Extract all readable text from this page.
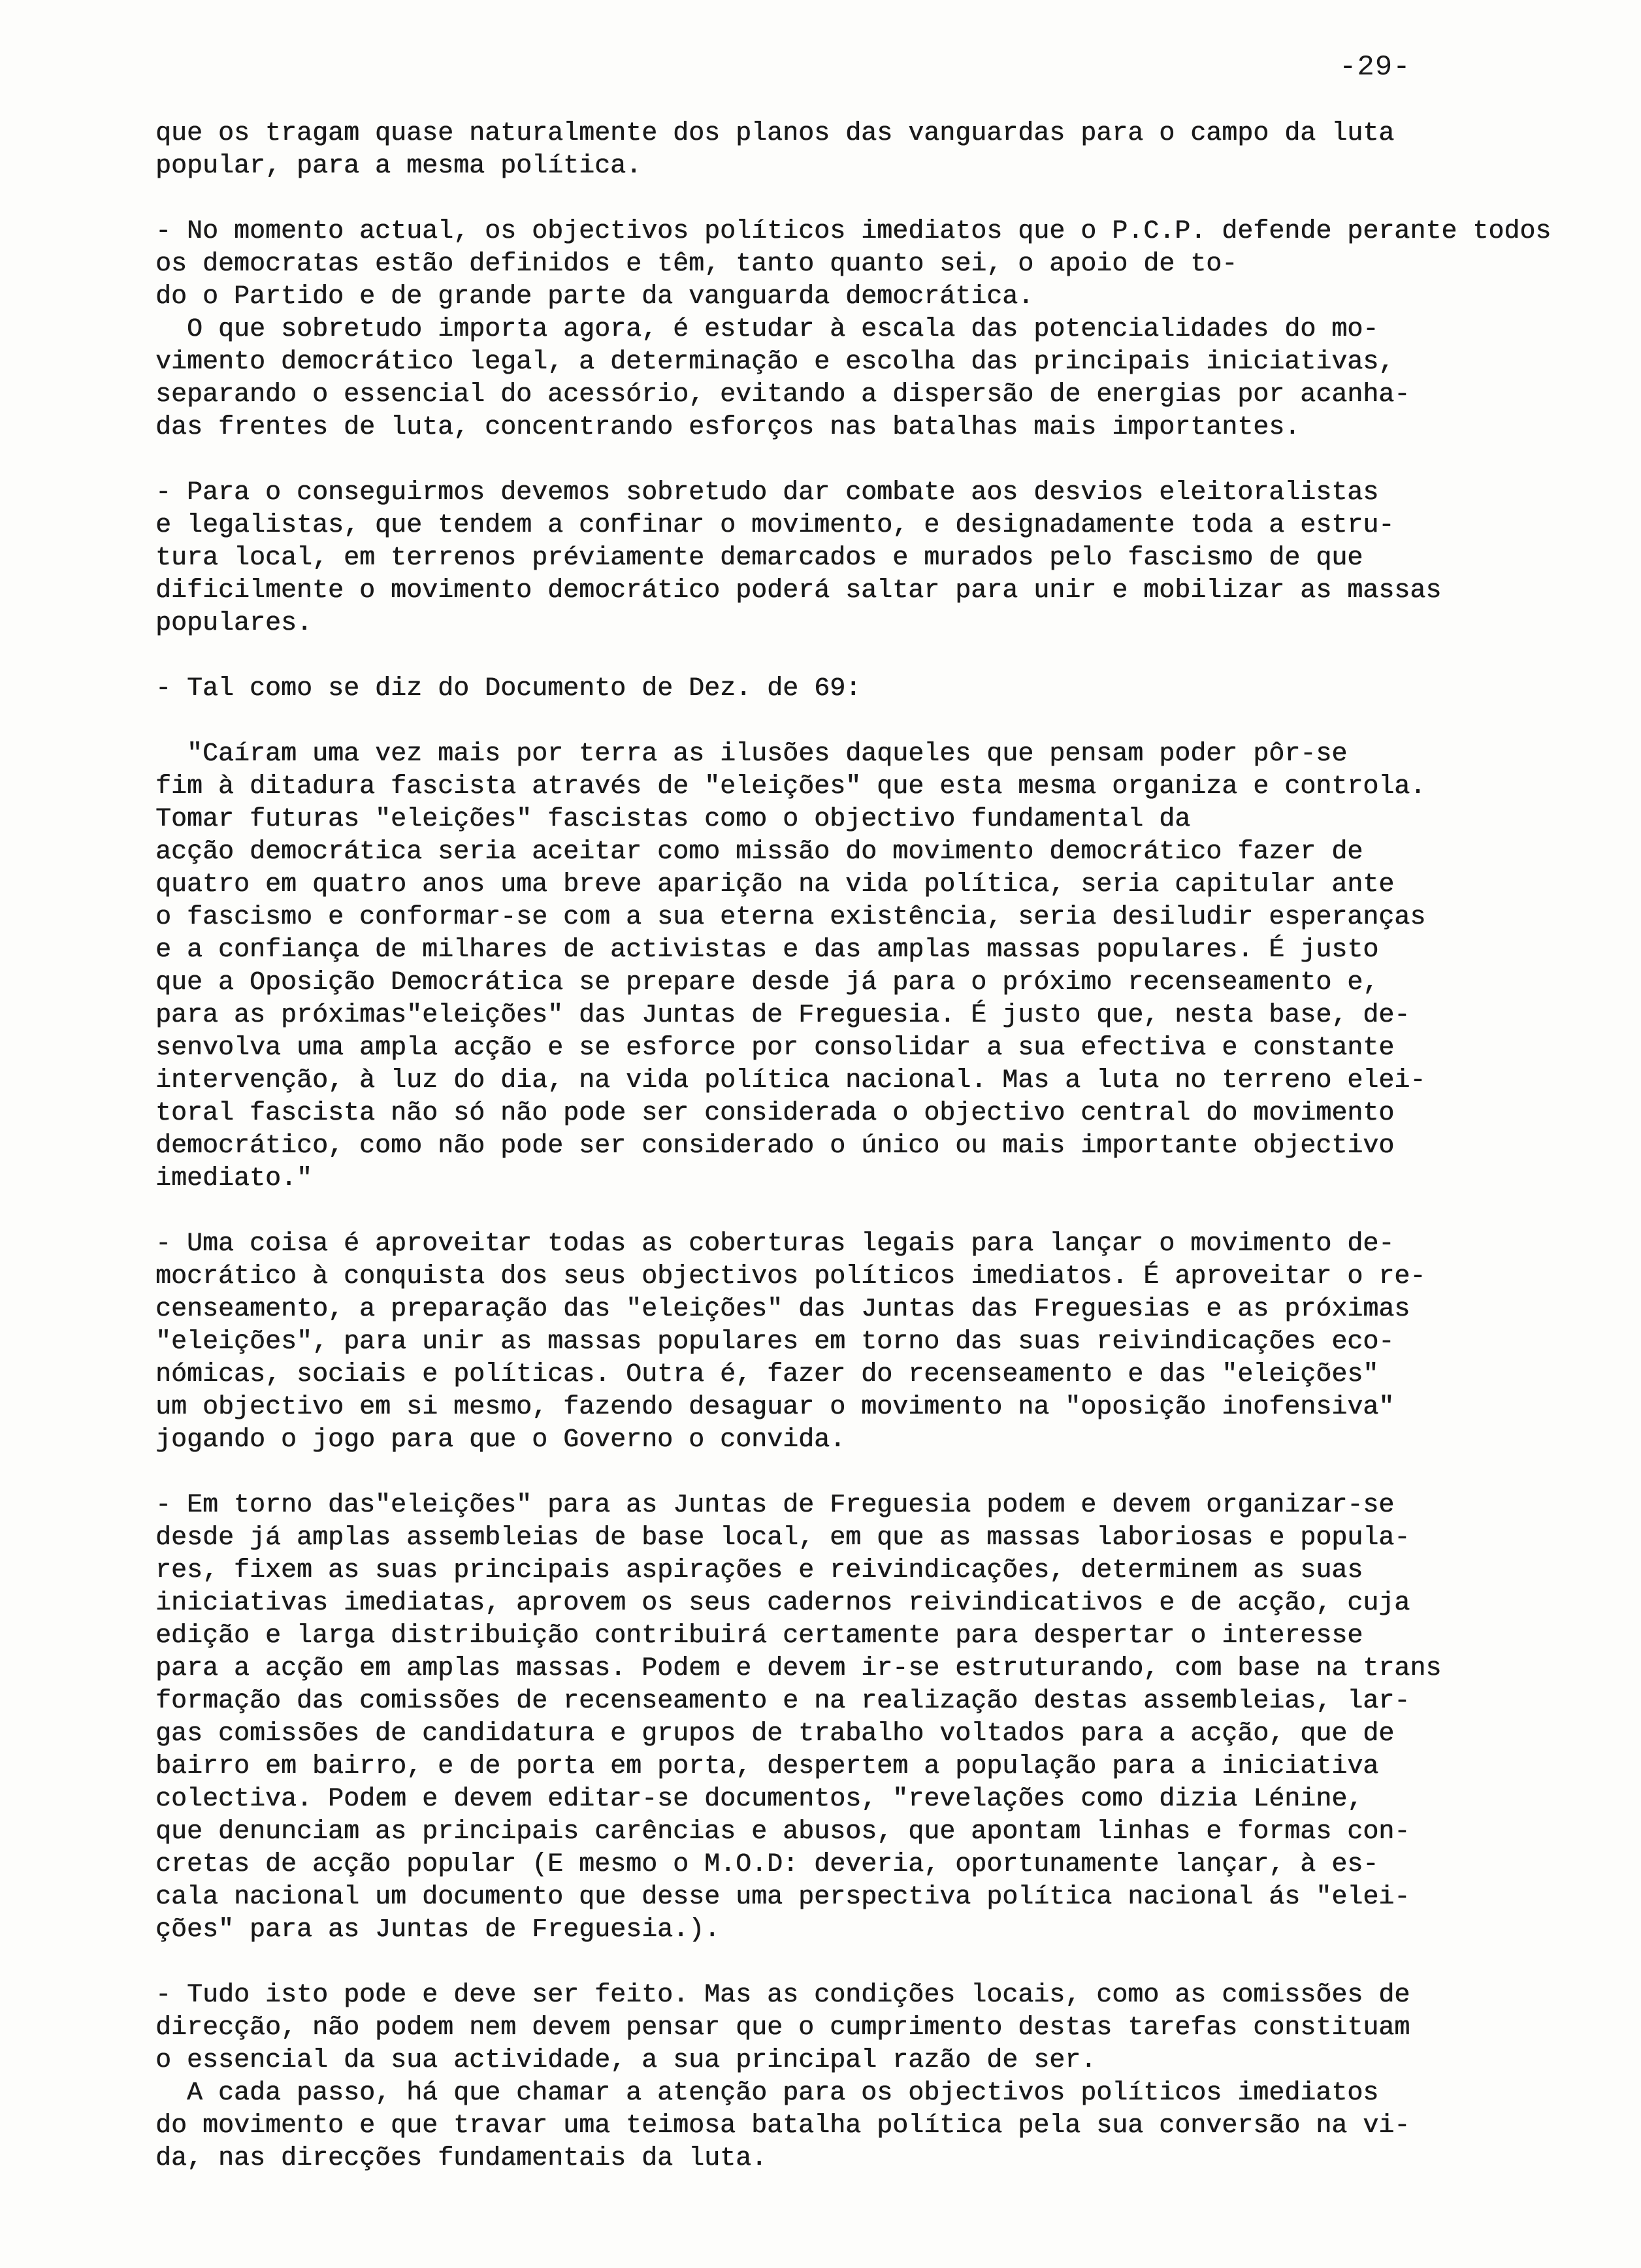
-29-

que os tragam quase naturalmente dos planos das vanguardas para o campo da luta
popular, para a mesma política.

- No momento actual, os objectivos políticos imediatos que o P.C.P. defende perante todos os democratas estão definidos e têm, tanto quanto sei, o apoio de to-
do o Partido e de grande parte da vanguarda democrática.
O que sobretudo importa agora, é estudar à escala das potencialidades do mo-
vimento democrático legal, a determinação e escolha das principais iniciativas,
separando o essencial do acessório, evitando a dispersão de energias por acanha-
das frentes de luta, concentrando esforços nas batalhas mais importantes.

- Para o conseguirmos devemos sobretudo dar combate aos desvios eleitoralistas
e legalistas, que tendem a confinar o movimento, e designadamente toda a estru-
tura local, em terrenos préviamente demarcados e murados pelo fascismo de que
dificilmente o movimento democrático poderá saltar para unir e mobilizar as massas
populares.

- Tal como se diz do Documento de Dez. de 69:

"Caíram uma vez mais por terra as ilusões daqueles que pensam poder pôr-se
fim à ditadura fascista através de "eleições" que esta mesma organiza e controla.
Tomar futuras "eleições" fascistas como o objectivo fundamental da
acção democrática seria aceitar como missão do movimento democrático fazer de
quatro em quatro anos uma breve aparição na vida política, seria capitular ante
o fascismo e conformar-se com a sua eterna existência, seria desiludir esperanças
e a confiança de milhares de activistas e das amplas massas populares. É justo
que a Oposição Democrática se prepare desde já para o próximo recenseamento e,
para as próximas"eleições" das Juntas de Freguesia. É justo que, nesta base, de-
senvolva uma ampla acção e se esforce por consolidar a sua efectiva e constante
intervenção, à luz do dia, na vida política nacional. Mas a luta no terreno elei-
toral fascista não só não pode ser considerada o objectivo central do movimento
democrático, como não pode ser considerado o único ou mais importante objectivo
imediato."

- Uma coisa é aproveitar todas as coberturas legais para lançar o movimento de-
mocrático à conquista dos seus objectivos políticos imediatos. É aproveitar o re-
censeamento, a preparação das "eleições" das Juntas das Freguesias e as próximas
"eleições", para unir as massas populares em torno das suas reivindicações eco-
nómicas, sociais e políticas. Outra é, fazer do recenseamento e das "eleições"
um objectivo em si mesmo, fazendo desaguar o movimento na "oposição inofensiva"
jogando o jogo para que o Governo o convida.

- Em torno das"eleições" para as Juntas de Freguesia podem e devem organizar-se
desde já amplas assembleias de base local, em que as massas laboriosas e popula-
res, fixem as suas principais aspirações e reivindicações, determinem as suas
iniciativas imediatas, aprovem os seus cadernos reivindicativos e de acção, cuja
edição e larga distribuição contribuirá certamente para despertar o interesse
para a acção em amplas massas. Podem e devem ir-se estruturando, com base na trans
formação das comissões de recenseamento e na realização destas assembleias, lar-
gas comissões de candidatura e grupos de trabalho voltados para a acção, que de
bairro em bairro, e de porta em porta, despertem a população para a iniciativa
colectiva. Podem e devem editar-se documentos, "revelações como dizia Lénine,
que denunciam as principais carências e abusos, que apontam linhas e formas con-
cretas de acção popular (E mesmo o M.O.D: deveria, oportunamente lançar, à es-
cala nacional um documento que desse uma perspectiva política nacional ás "elei-
ções" para as Juntas de Freguesia.).

- Tudo isto pode e deve ser feito. Mas as condições locais, como as comissões de
direcção, não podem nem devem pensar que o cumprimento destas tarefas constituam
o essencial da sua actividade, a sua principal razão de ser.
A cada passo, há que chamar a atenção para os objectivos políticos imediatos
do movimento e que travar uma teimosa batalha política pela sua conversão na vi-
da, nas direcções fundamentais da luta.
